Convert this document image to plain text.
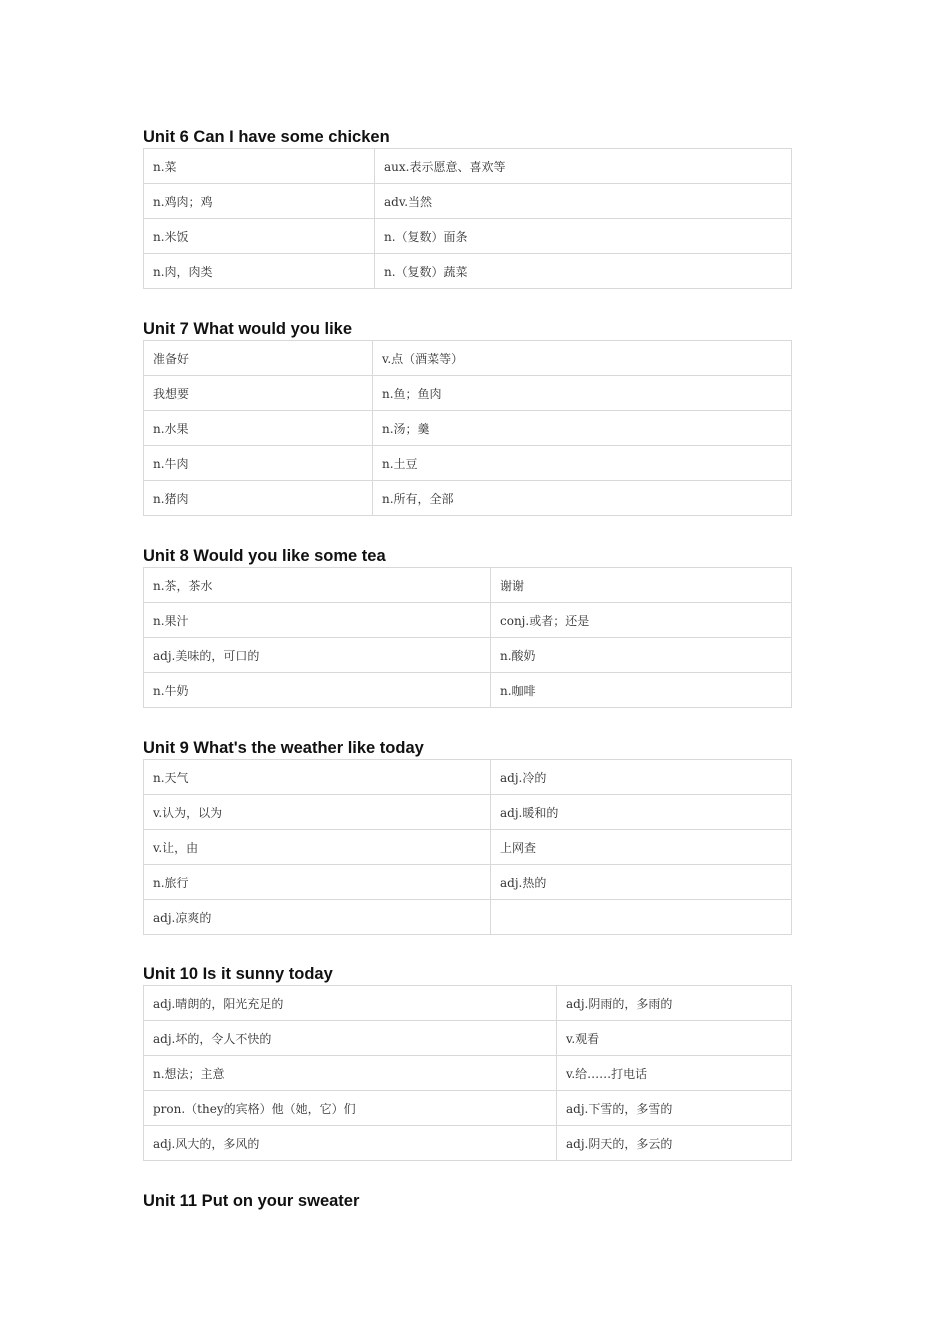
Unit 6 Can I have some chicken
n.菜	aux.表示愿意、喜欢等
n.鸡肉；鸡	adv.当然
n.米饭	n.（复数）面条
n.肉，肉类	n.（复数）蔬菜
Unit 7 What would you like
准备好	v.点（酒菜等）
我想要	n.鱼；鱼肉
n.水果	n.汤；羹
n.牛肉	n.土豆
n.猪肉	n.所有，全部
Unit 8 Would you like some tea
n.茶，茶水	谢谢
n.果汁	conj.或者；还是
adj.美味的，可口的	n.酸奶
n.牛奶	n.咖啡
Unit 9 What's the weather like today
n.天气	adj.冷的
v.认为，以为	adj.暖和的
v.让，由	上网查
n.旅行	adj.热的
adj.凉爽的	
Unit 10 Is it sunny today
adj.晴朗的，阳光充足的	adj.阴雨的，多雨的
adj.坏的，令人不快的	v.观看
n.想法；主意	v.给……打电话
pron.（they的宾格）他（她，它）们	adj.下雪的，多雪的
adj.风大的，多风的	adj.阴天的，多云的
Unit 11 Put on your sweater
